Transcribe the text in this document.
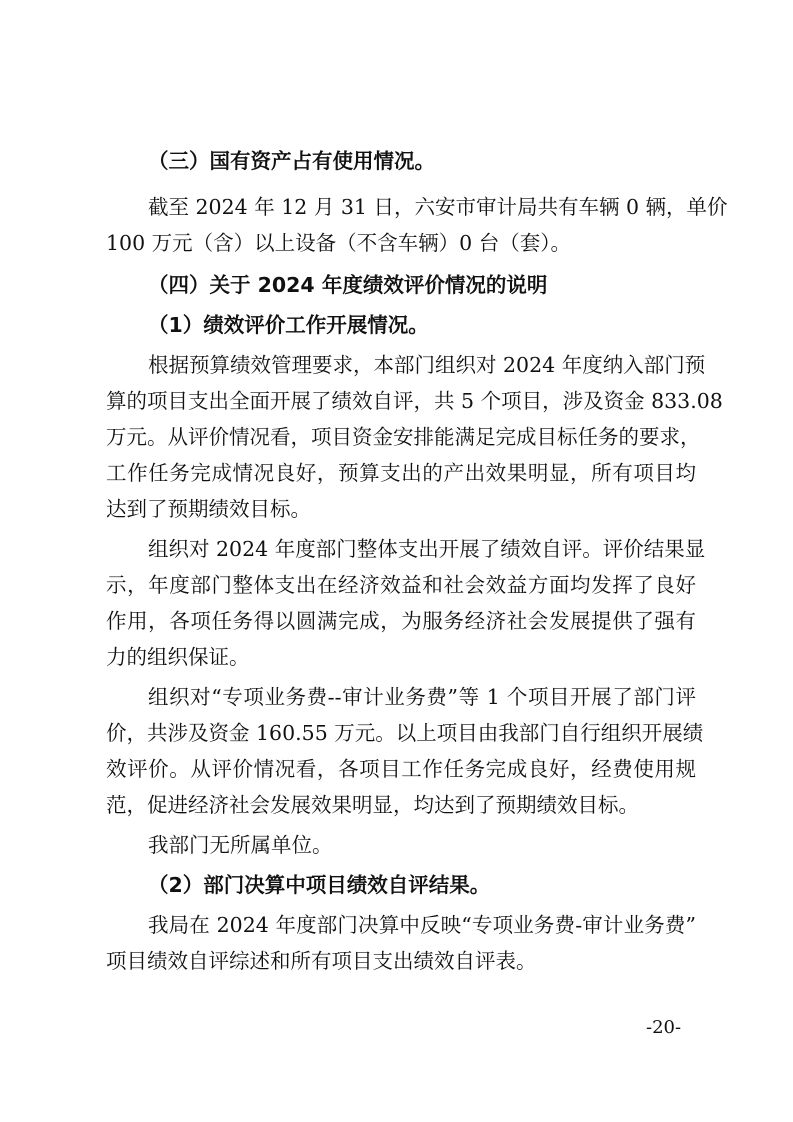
（三）国有资产占有使用情况。
截至 2024 年 12 月 31 日，六安市审计局共有车辆 0 辆，单价
100 万元（含）以上设备（不含车辆）0 台（套）。
（四）关于 2024 年度绩效评价情况的说明
（1）绩效评价工作开展情况。
根据预算绩效管理要求，本部门组织对 2024 年度纳入部门预
算的项目支出全面开展了绩效自评，共 5 个项目，涉及资金 833.08
万元。从评价情况看，项目资金安排能满足完成目标任务的要求，
工作任务完成情况良好，预算支出的产出效果明显，所有项目均
达到了预期绩效目标。
组织对 2024 年度部门整体支出开展了绩效自评。评价结果显
示，年度部门整体支出在经济效益和社会效益方面均发挥了良好
作用，各项任务得以圆满完成，为服务经济社会发展提供了强有
力的组织保证。
组织对“专项业务费--审计业务费”等 1 个项目开展了部门评
价，共涉及资金 160.55 万元。以上项目由我部门自行组织开展绩
效评价。从评价情况看，各项目工作任务完成良好，经费使用规
范，促进经济社会发展效果明显，均达到了预期绩效目标。
我部门无所属单位。
（2）部门决算中项目绩效自评结果。
我局在 2024 年度部门决算中反映“专项业务费-审计业务费”
项目绩效自评综述和所有项目支出绩效自评表。
-20-
